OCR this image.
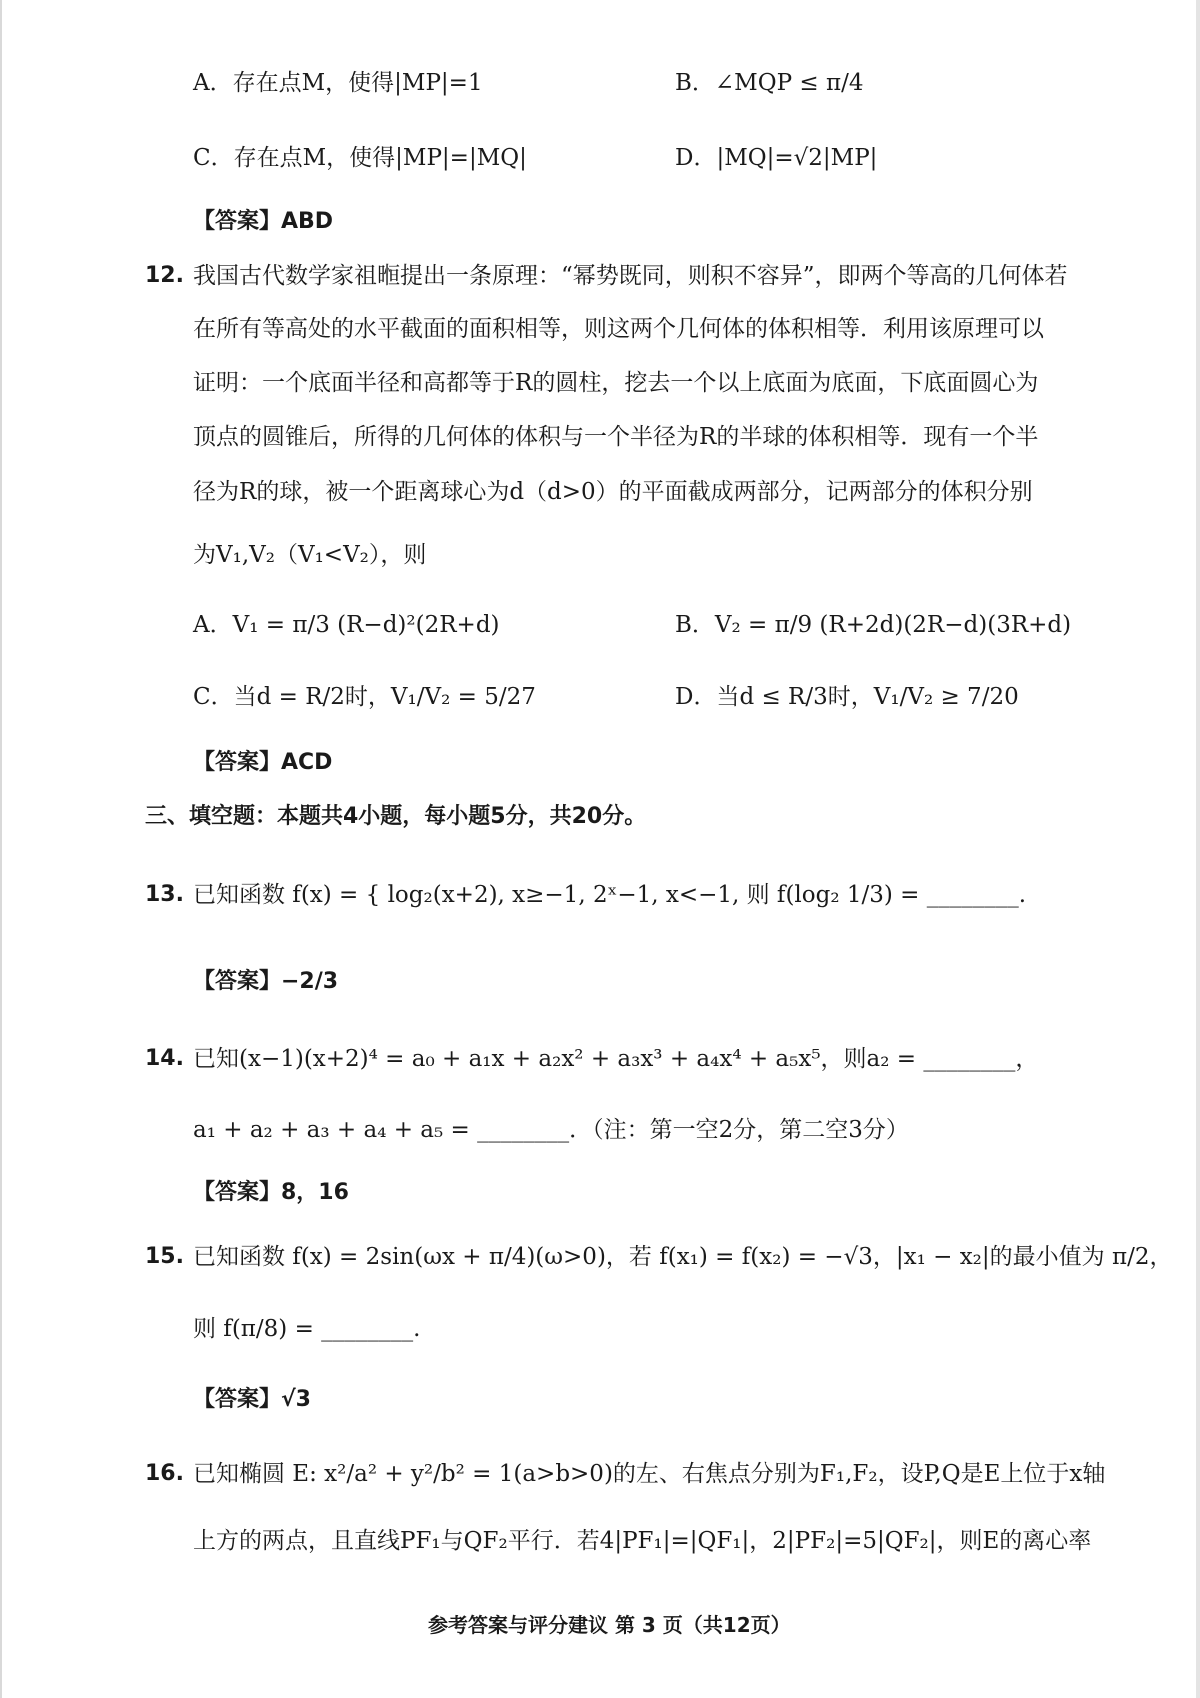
A．存在点M，使得|MP|=1	B．∠MQP ≤ π/4
C．存在点M，使得|MP|=|MQ|	D．|MQ|=√2|MP|
【答案】ABD
12. 我国古代数学家祖暅提出一条原理：“幂势既同，则积不容异”，即两个等高的几何体若
在所有等高处的水平截面的面积相等，则这两个几何体的体积相等．利用该原理可以
证明：一个底面半径和高都等于R的圆柱，挖去一个以上底面为底面，下底面圆心为
顶点的圆锥后，所得的几何体的体积与一个半径为R的半球的体积相等．现有一个半
径为R的球，被一个距离球心为d（d>0）的平面截成两部分，记两部分的体积分别
为V₁,V₂（V₁<V₂），则
A．V₁ = π/3 (R−d)²(2R+d)	B．V₂ = π/9 (R+2d)(2R−d)(3R+d)
C．当d = R/2时，V₁/V₂ = 5/27	D．当d ≤ R/3时，V₁/V₂ ≥ 7/20
【答案】ACD
三、填空题：本题共4小题，每小题5分，共20分。
13. 已知函数 f(x) = { log₂(x+2), x≥−1, 2ˣ−1, x<−1, 则 f(log₂ 1/3) = ________.
【答案】−2/3
14. 已知(x−1)(x+2)⁴ = a₀ + a₁x + a₂x² + a₃x³ + a₄x⁴ + a₅x⁵，则a₂ = ________，
a₁ + a₂ + a₃ + a₄ + a₅ = ________．（注：第一空2分，第二空3分）
【答案】8，16
15. 已知函数 f(x) = 2sin(ωx + π/4)(ω>0)，若 f(x₁) = f(x₂) = −√3，|x₁ − x₂|的最小值为 π/2，
则 f(π/8) = ________.
【答案】√3
16. 已知椭圆 E: x²/a² + y²/b² = 1(a>b>0)的左、右焦点分别为F₁,F₂，设P,Q是E上位于x轴
上方的两点，且直线PF₁与QF₂平行．若4|PF₁|=|QF₁|，2|PF₂|=5|QF₂|，则E的离心率
参考答案与评分建议 第 3 页（共12页）
